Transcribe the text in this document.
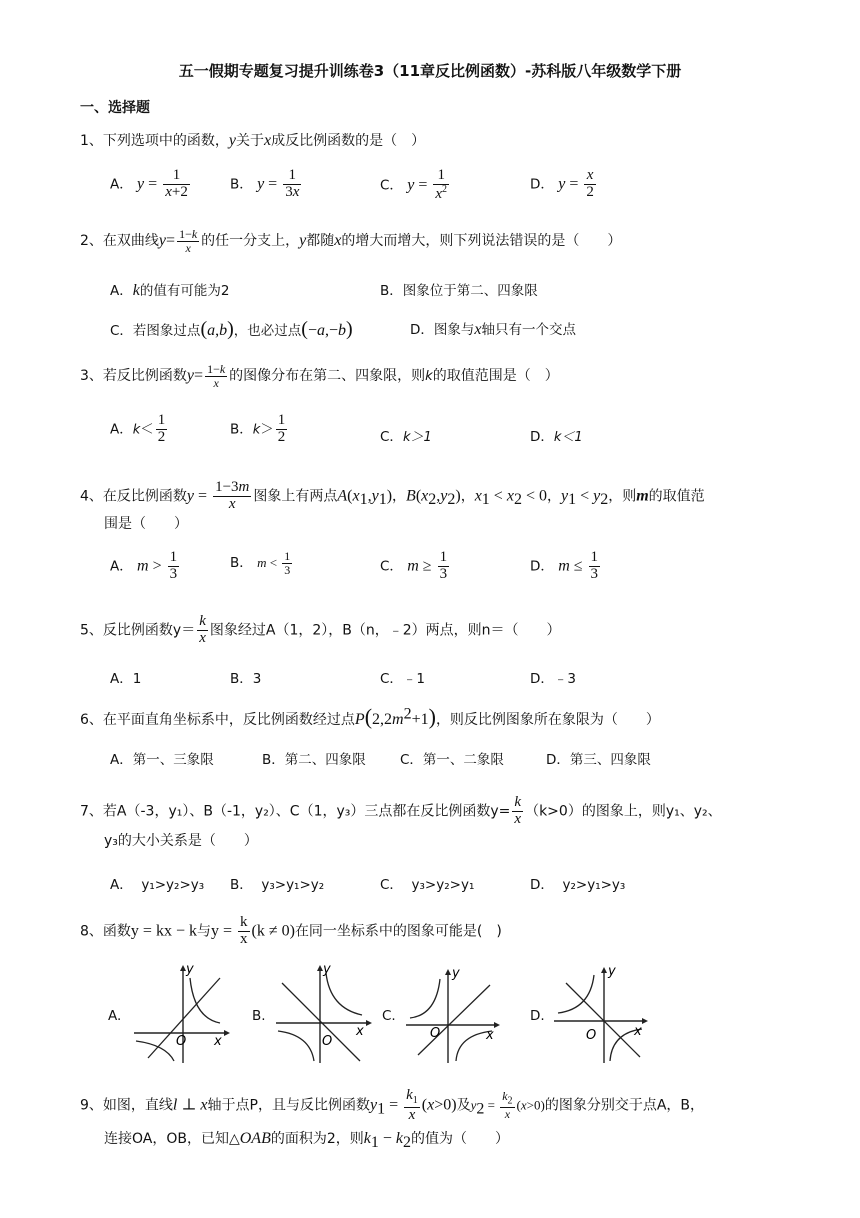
五一假期专题复习提升训练卷3（11章反比例函数）-苏科版八年级数学下册
一、选择题
1、下列选项中的函数，y关于x成反比例函数的是（　）
A． $y = \frac{1}{x+2}$	B． $y = \frac{1}{3x}$	C． $y = \frac{1}{x^2}$	D． $y = \frac{x}{2}$
2、在双曲线$y= \frac{1-k}{x}$ 的任一分支上，y都随x的增大而增大，则下列说法错误的是（　　）
A．k的值有可能为2	B．图象位于第二、四象限
C．若图象过点(a,b)，也必过点(−a,−b)	D．图象与x轴只有一个交点
3、若反比例函数$y= \frac{1-k}{x}$ 的图像分布在第二、四象限，则k的取值范围是（　）
A．$k< \frac{1}{2}$	B．$k> \frac{1}{2}$	C．k＞1	D．k＜1
4、在反比例函数$y = \frac{1-3m}{x}$ 图象上有两点$A(x_1,y_1)$，$B(x_2,y_2)$，$x_1 < x_2 < 0$，$y_1 < y_2$，则m的取值范
围是（　　）
A． $m > \frac{1}{3}$	B． $m < \frac{1}{3}$	C． $m \ge \frac{1}{3}$	D． $m \le \frac{1}{3}$
5、反比例函数$y= \frac{k}{x}$ 图象经过A（1，2），B（n，﹣2）两点，则n＝（　　）
A．1	B．3	C．﹣1	D．﹣3
6、在平面直角坐标系中，反比例函数经过点$P(2,2m^2+1)$，则反比例图象所在象限为（　　）
A．第一、三象限	B．第二、四象限	C．第一、二象限	D．第三、四象限
7、若A（-3，y₁）、B（-1，y₂）、C（1，y₃）三点都在反比例函数$y= \frac{k}{x} (k>0)$的图象上，则y₁、y₂、
y₃的大小关系是（　　）
A． y₁>y₂>y₃ B． y₃>y₁>y₂	C． y₃>y₂>y₁	D． y₂>y₁>y₃
8、函数y = kx − k与$y = \frac{k}{x} (k \ne 0)$在同一坐标系中的图象可能是(　)
A.
y
x
O
B.
y
x
O
C.
y
x
O
D.
y
x
O
9、如图，直线l ⊥ x轴于点P，且与反比例函数$y_1 = \frac{k_1}{x} (x>0)$及$y_2 = \frac{k_2}{x} (x>0)$的图象分别交于点A，B，
连接OA，OB，已知△OAB的面积为2，则$k_1 - k_2$的值为（　　）
